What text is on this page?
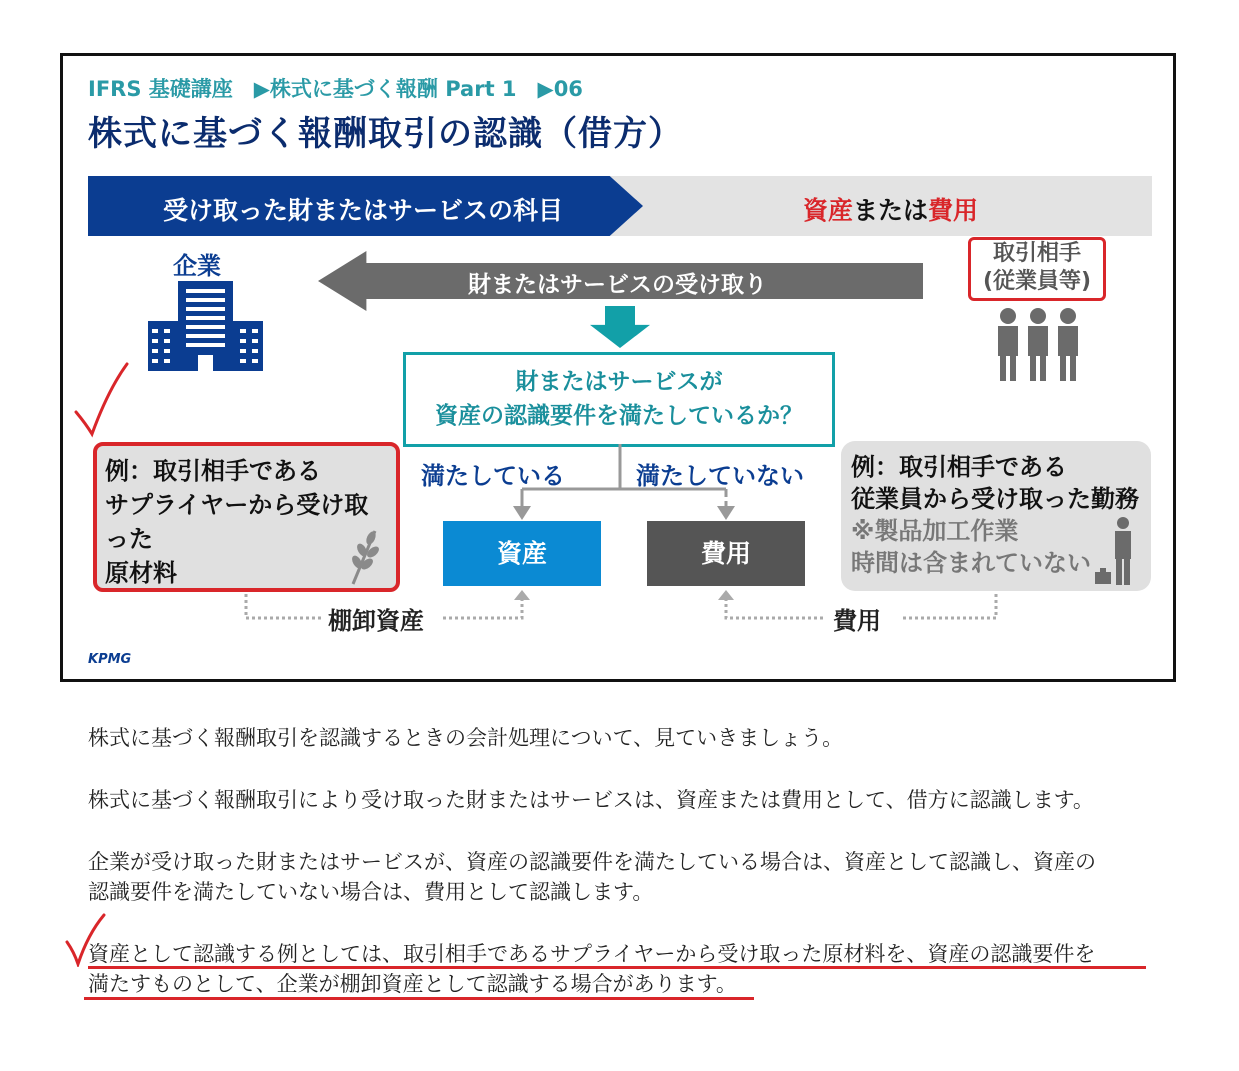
IFRS 基礎講座　▶株式に基づく報酬 Part 1　▶06
株式に基づく報酬取引の認識（借方）
受け取った財またはサービスの科目	資産または費用
企業
財またはサービスの受け取り
取引相手
(従業員等)
財またはサービスが
資産の認識要件を満たしているか？
例：取引相手である
サプライヤーから受け取った
原材料
例：取引相手である
従業員から受け取った勤務
※製品加工作業
時間は含まれていない
満たしている	満たしていない
資産	費用
棚卸資産	費用
KPMG
株式に基づく報酬取引を認識するときの会計処理について、見ていきましょう。
株式に基づく報酬取引により受け取った財またはサービスは、資産または費用として、借方に認識します。
企業が受け取った財またはサービスが、資産の認識要件を満たしている場合は、資産として認識し、資産の
認識要件を満たしていない場合は、費用として認識します。
資産として認識する例としては、取引相手であるサプライヤーから受け取った原材料を、資産の認識要件を
満たすものとして、企業が棚卸資産として認識する場合があります。
